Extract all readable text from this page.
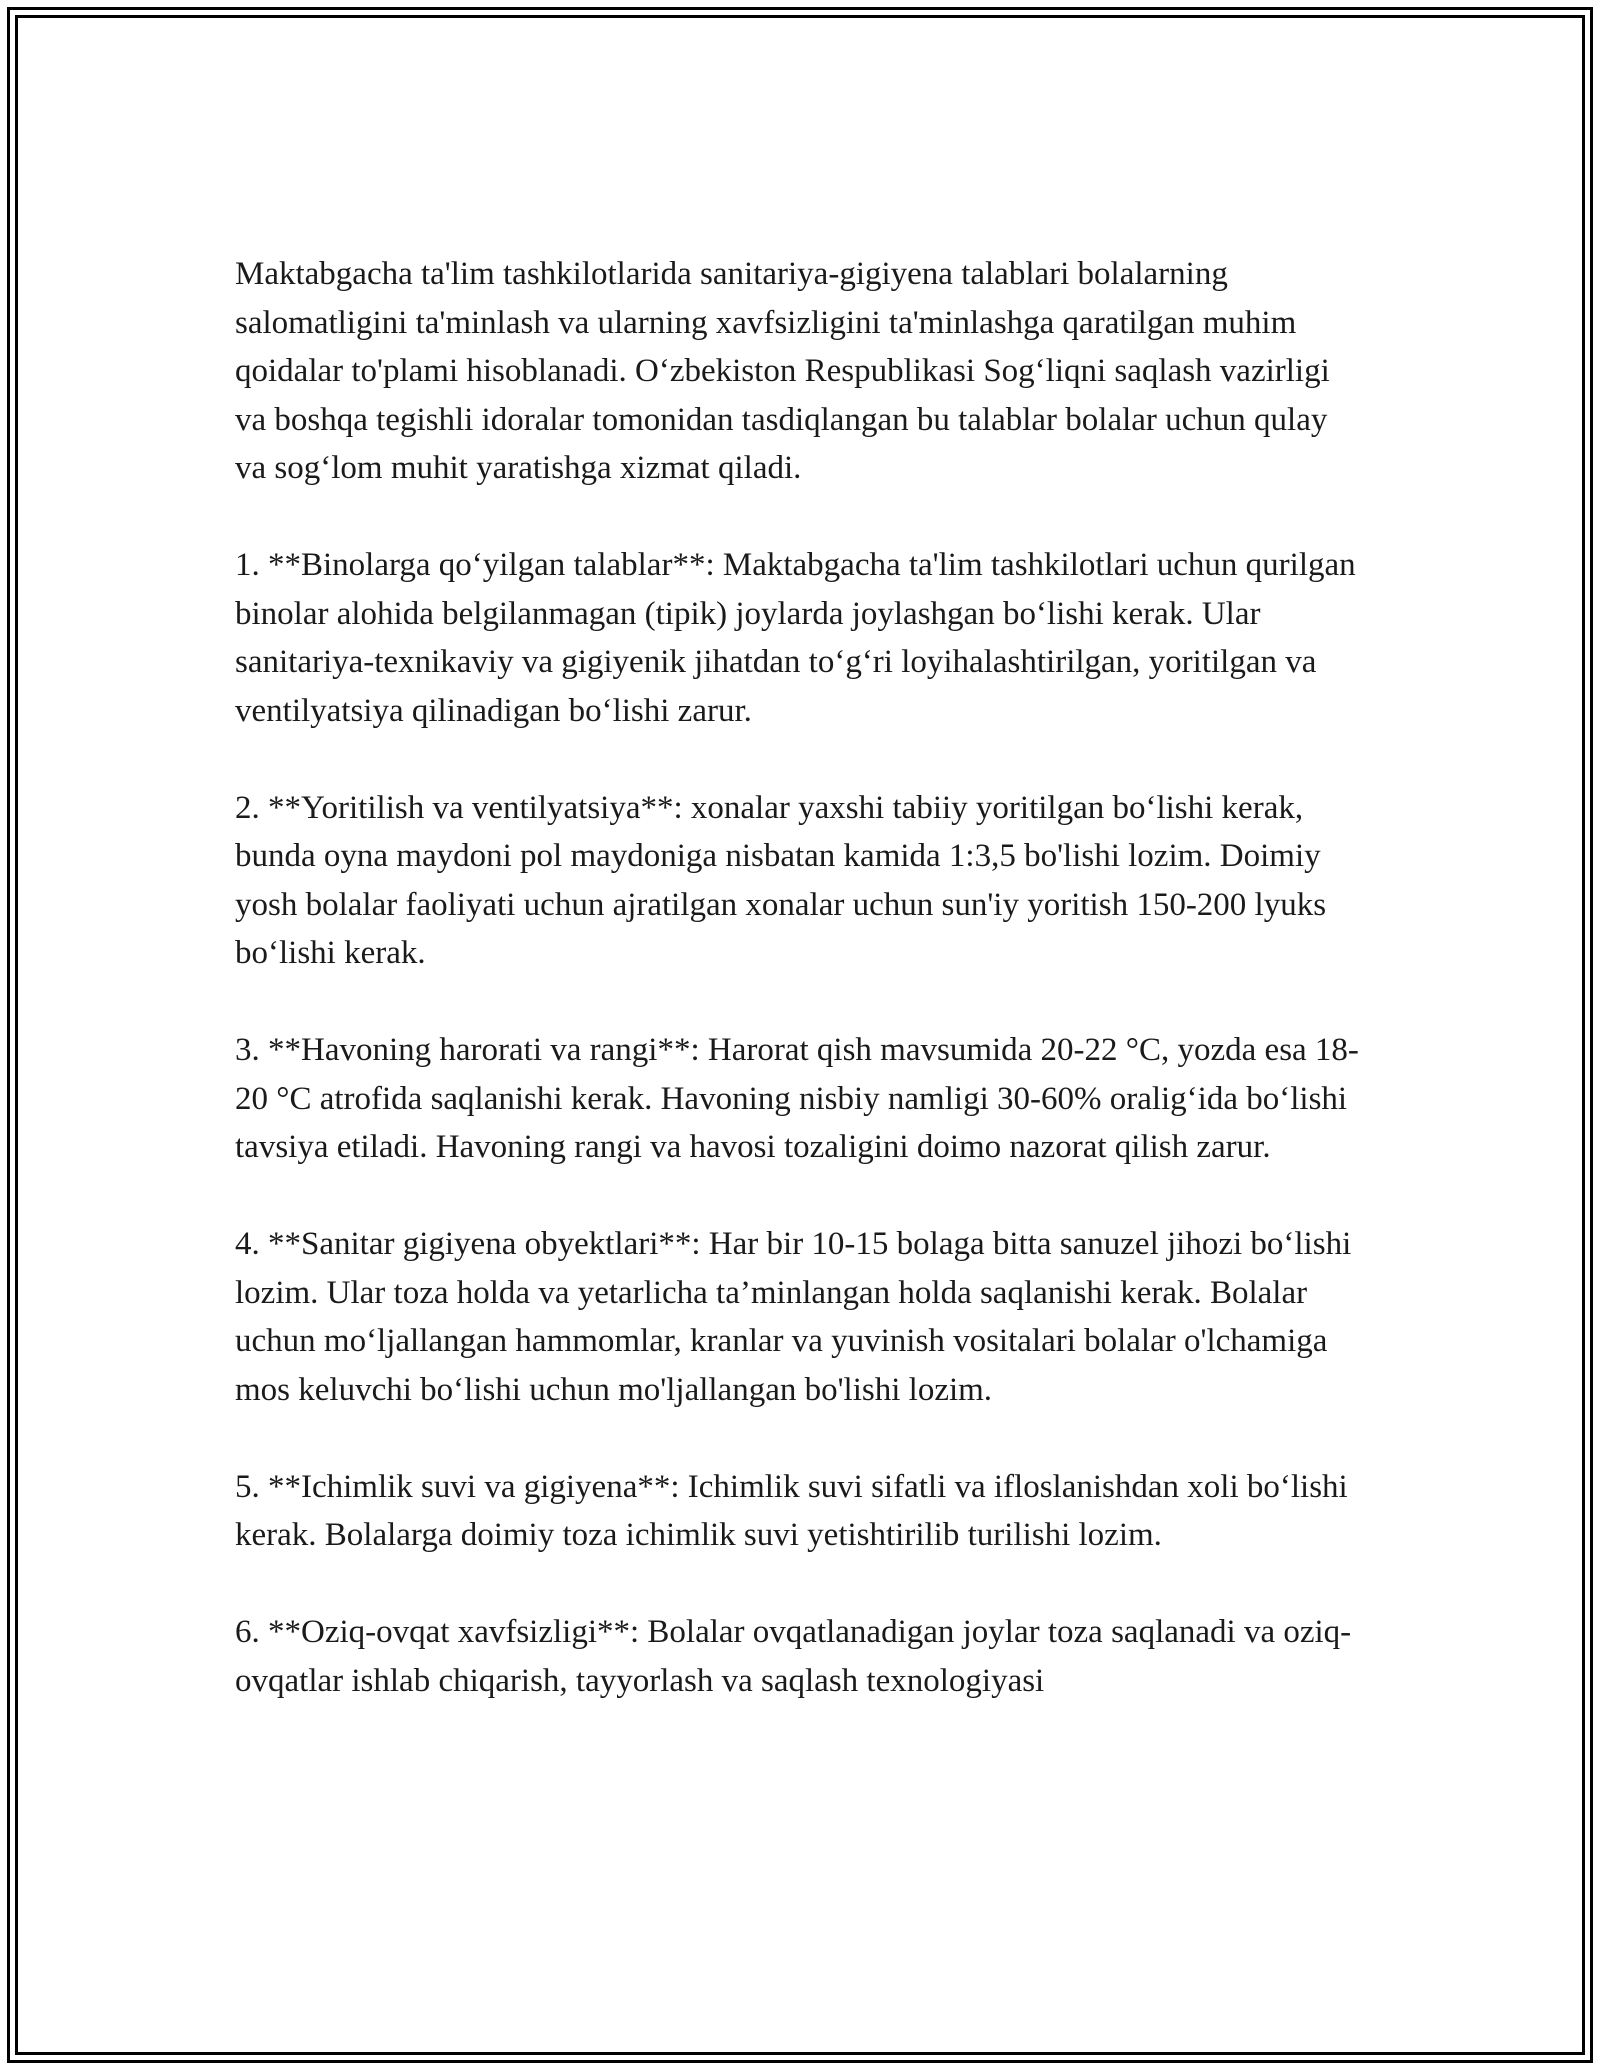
Maktabgacha ta'lim tashkilotlarida sanitariya-gigiyena talablari bolalarning salomatligini ta'minlash va ularning xavfsizligini ta'minlashga qaratilgan muhim qoidalar to'plami hisoblanadi. O‘zbekiston Respublikasi Sog‘liqni saqlash vazirligi va boshqa tegishli idoralar tomonidan tasdiqlangan bu talablar bolalar uchun qulay va sog‘lom muhit yaratishga xizmat qiladi.

1. **Binolarga qo‘yilgan talablar**: Maktabgacha ta'lim tashkilotlari uchun qurilgan binolar alohida belgilanmagan (tipik) joylarda joylashgan bo‘lishi kerak. Ular sanitariya-texnikaviy va gigiyenik jihatdan to‘g‘ri loyihalashtirilgan, yoritilgan va ventilyatsiya qilinadigan bo‘lishi zarur.

2. **Yoritilish va ventilyatsiya**: xonalar yaxshi tabiiy yoritilgan bo‘lishi kerak, bunda oyna maydoni pol maydoniga nisbatan kamida 1:3,5 bo'lishi lozim. Doimiy yosh bolalar faoliyati uchun ajratilgan xonalar uchun sun'iy yoritish 150-200 lyuks bo‘lishi kerak.

3. **Havoning harorati va rangi**: Harorat qish mavsumida 20-22 °C, yozda esa 18-20 °C atrofida saqlanishi kerak. Havoning nisbiy namligi 30-60% oralig‘ida bo‘lishi tavsiya etiladi. Havoning rangi va havosi tozaligini doimo nazorat qilish zarur.

4. **Sanitar gigiyena obyektlari**: Har bir 10-15 bolaga bitta sanuzel jihozi bo‘lishi lozim. Ular toza holda va yetarlicha ta’minlangan holda saqlanishi kerak. Bolalar uchun mo‘ljallangan hammomlar, kranlar va yuvinish vositalari bolalar o'lchamiga mos keluvchi bo‘lishi uchun mo'ljallangan bo'lishi lozim.

5. **Ichimlik suvi va gigiyena**: Ichimlik suvi sifatli va ifloslanishdan xoli bo‘lishi kerak. Bolalarga doimiy toza ichimlik suvi yetishtirilib turilishi lozim.

6. **Oziq-ovqat xavfsizligi**: Bolalar ovqatlanadigan joylar toza saqlanadi va oziq-ovqatlar ishlab chiqarish, tayyorlash va saqlash texnologiyasi
